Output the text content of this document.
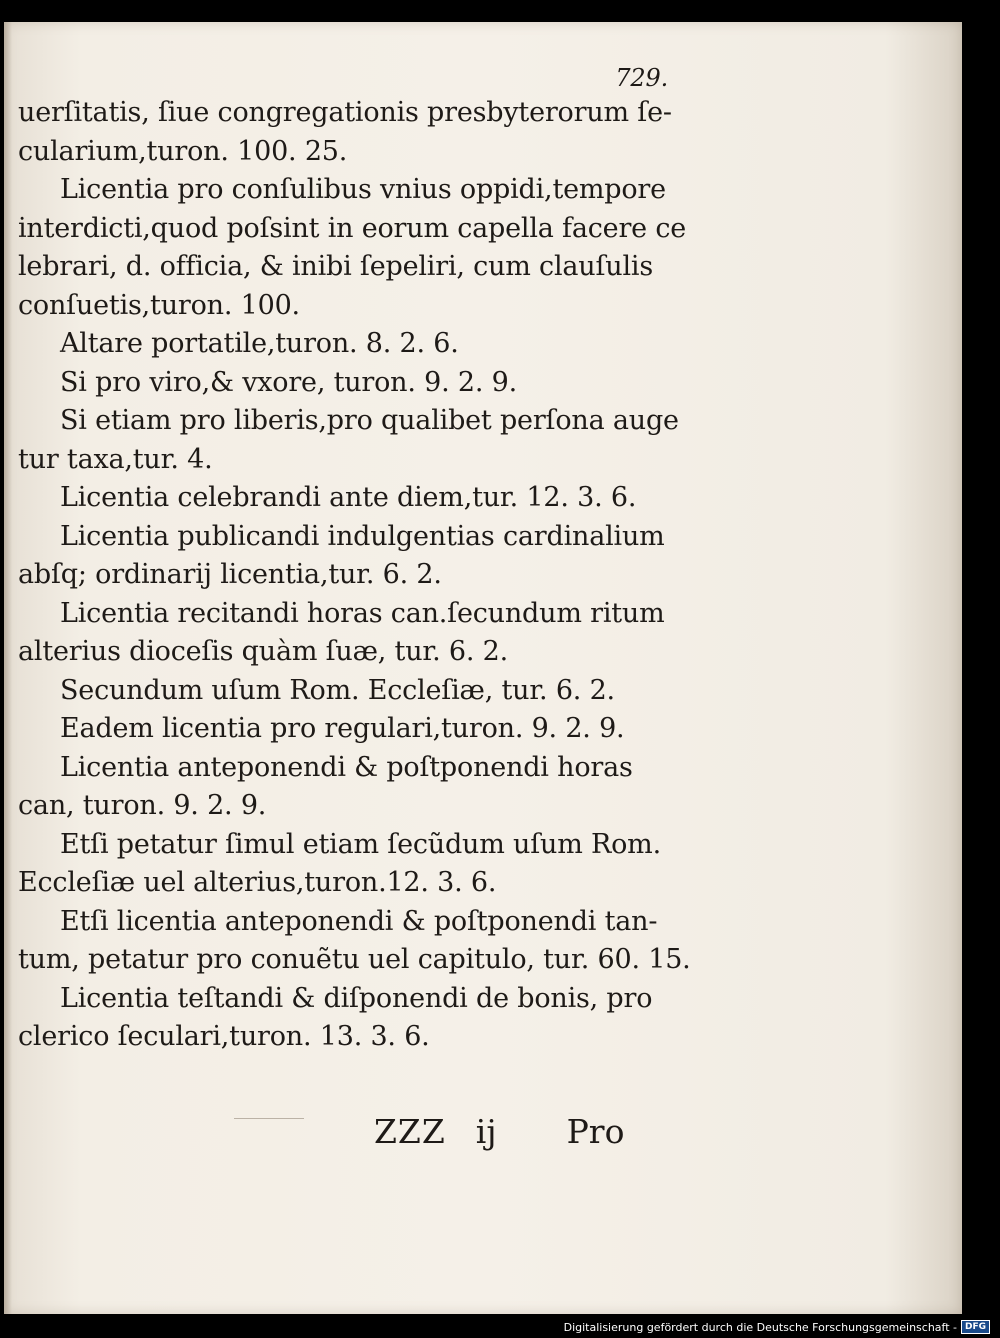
729.
uerſitatis, ſiue congregationis presbyterorum ſe-
cularium,turon. 100. 25.
Licentia pro conſulibus vnius oppidi,tempore
interdicti,quod poſsint in eorum capella facere ce
lebrari, d. officia, & inibi ſepeliri, cum clauſulis
conſuetis,turon. 100.
Altare portatile,turon. 8. 2. 6.
Si pro viro,& vxore, turon. 9. 2. 9.
Si etiam pro liberis,pro qualibet perſona auge
tur taxa,tur. 4.
Licentia celebrandi ante diem,tur. 12. 3. 6.
Licentia publicandi indulgentias cardinalium
abſq; ordinarij licentia,tur. 6. 2.
Licentia recitandi horas can.ſecundum ritum
alterius dioceſis quàm ſuæ, tur. 6. 2.
Secundum uſum Rom. Eccleſiæ, tur. 6. 2.
Eadem licentia pro regulari,turon. 9. 2. 9.
Licentia anteponendi & poſtponendi horas
can, turon. 9. 2. 9.
Etſi petatur ſimul etiam ſecũdum uſum Rom.
Eccleſiæ uel alterius,turon.12. 3. 6.
Etſi licentia anteponendi & poſtponendi tan-
tum, petatur pro conuẽtu uel capitulo, tur. 60. 15.
Licentia teſtandi & diſponendi de bonis, pro
clerico ſeculari,turon. 13. 3. 6.
ZZZ ij Pro
Digitalisierung gefördert durch die Deutsche Forschungsgemeinschaft - DFG
